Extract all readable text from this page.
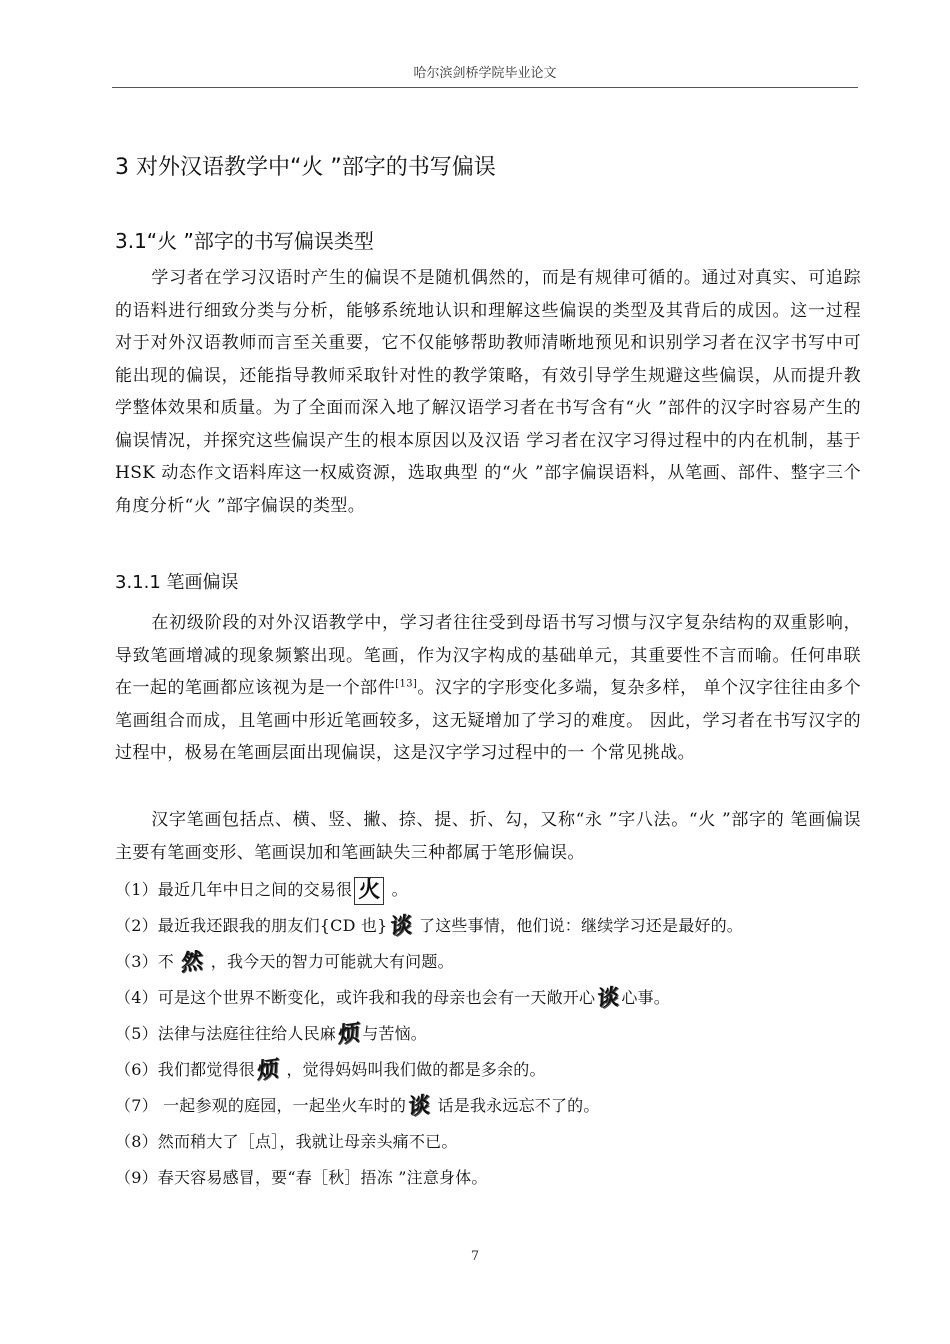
哈尔滨剑桥学院毕业论文
3 对外汉语教学中“火 ”部字的书写偏误
3.1“火 ”部字的书写偏误类型
学习者在学习汉语时产生的偏误不是随机偶然的，而是有规律可循的。通过对真实、可追踪的语料进行细致分类与分析，能够系统地认识和理解这些偏误的类型及其背后的成因。这一过程对于对外汉语教师而言至关重要，它不仅能够帮助教师清晰地预见和识别学习者在汉字书写中可能出现的偏误，还能指导教师采取针对性的教学策略，有效引导学生规避这些偏误，从而提升教学整体效果和质量。为了全面而深入地了解汉语学习者在书写含有“火 ”部件的汉字时容易产生的偏误情况，并探究这些偏误产生的根本原因以及汉语 学习者在汉字习得过程中的内在机制，基于 HSK 动态作文语料库这一权威资源，选取典型 的“火 ”部字偏误语料，从笔画、部件、整字三个角度分析“火 ”部字偏误的类型。
3.1.1 笔画偏误
在初级阶段的对外汉语教学中，学习者往往受到母语书写习惯与汉字复杂结构的双重影响，导致笔画增减的现象频繁出现。笔画，作为汉字构成的基础单元，其重要性不言而喻。任何串联在一起的笔画都应该视为是一个部件[13]。汉字的字形变化多端，复杂多样， 单个汉字往往由多个笔画组合而成，且笔画中形近笔画较多，这无疑增加了学习的难度。 因此，学习者在书写汉字的过程中，极易在笔画层面出现偏误，这是汉字学习过程中的一 个常见挑战。
汉字笔画包括点、横、竖、撇、捺、提、折、勾，又称“永 ”字八法。“火 ”部字的 笔画偏误主要有笔画变形、笔画误加和笔画缺失三种都属于笔形偏误。
（1）最近几年中日之间的交易很 火 。
（2）最近我还跟我的朋友们{CD 也}谈 了这些事情，他们说：继续学习还是最好的。
（3）不 然 ，我今天的智力可能就大有问题。
（4）可是这个世界不断变化，或许我和我的母亲也会有一天敞开心谈 心事。
（5）法律与法庭往往给人民麻烦 与苦恼。
（6）我们都觉得很烦 ，觉得妈妈叫我们做的都是多余的。
（7） 一起参观的庭园，一起坐火车时的谈 话是我永远忘不了的。
（8）然而稍大了［点］，我就让母亲头痛不已。
（9）春天容易感冒，要“春［秋］捂冻 ”注意身体。
7
